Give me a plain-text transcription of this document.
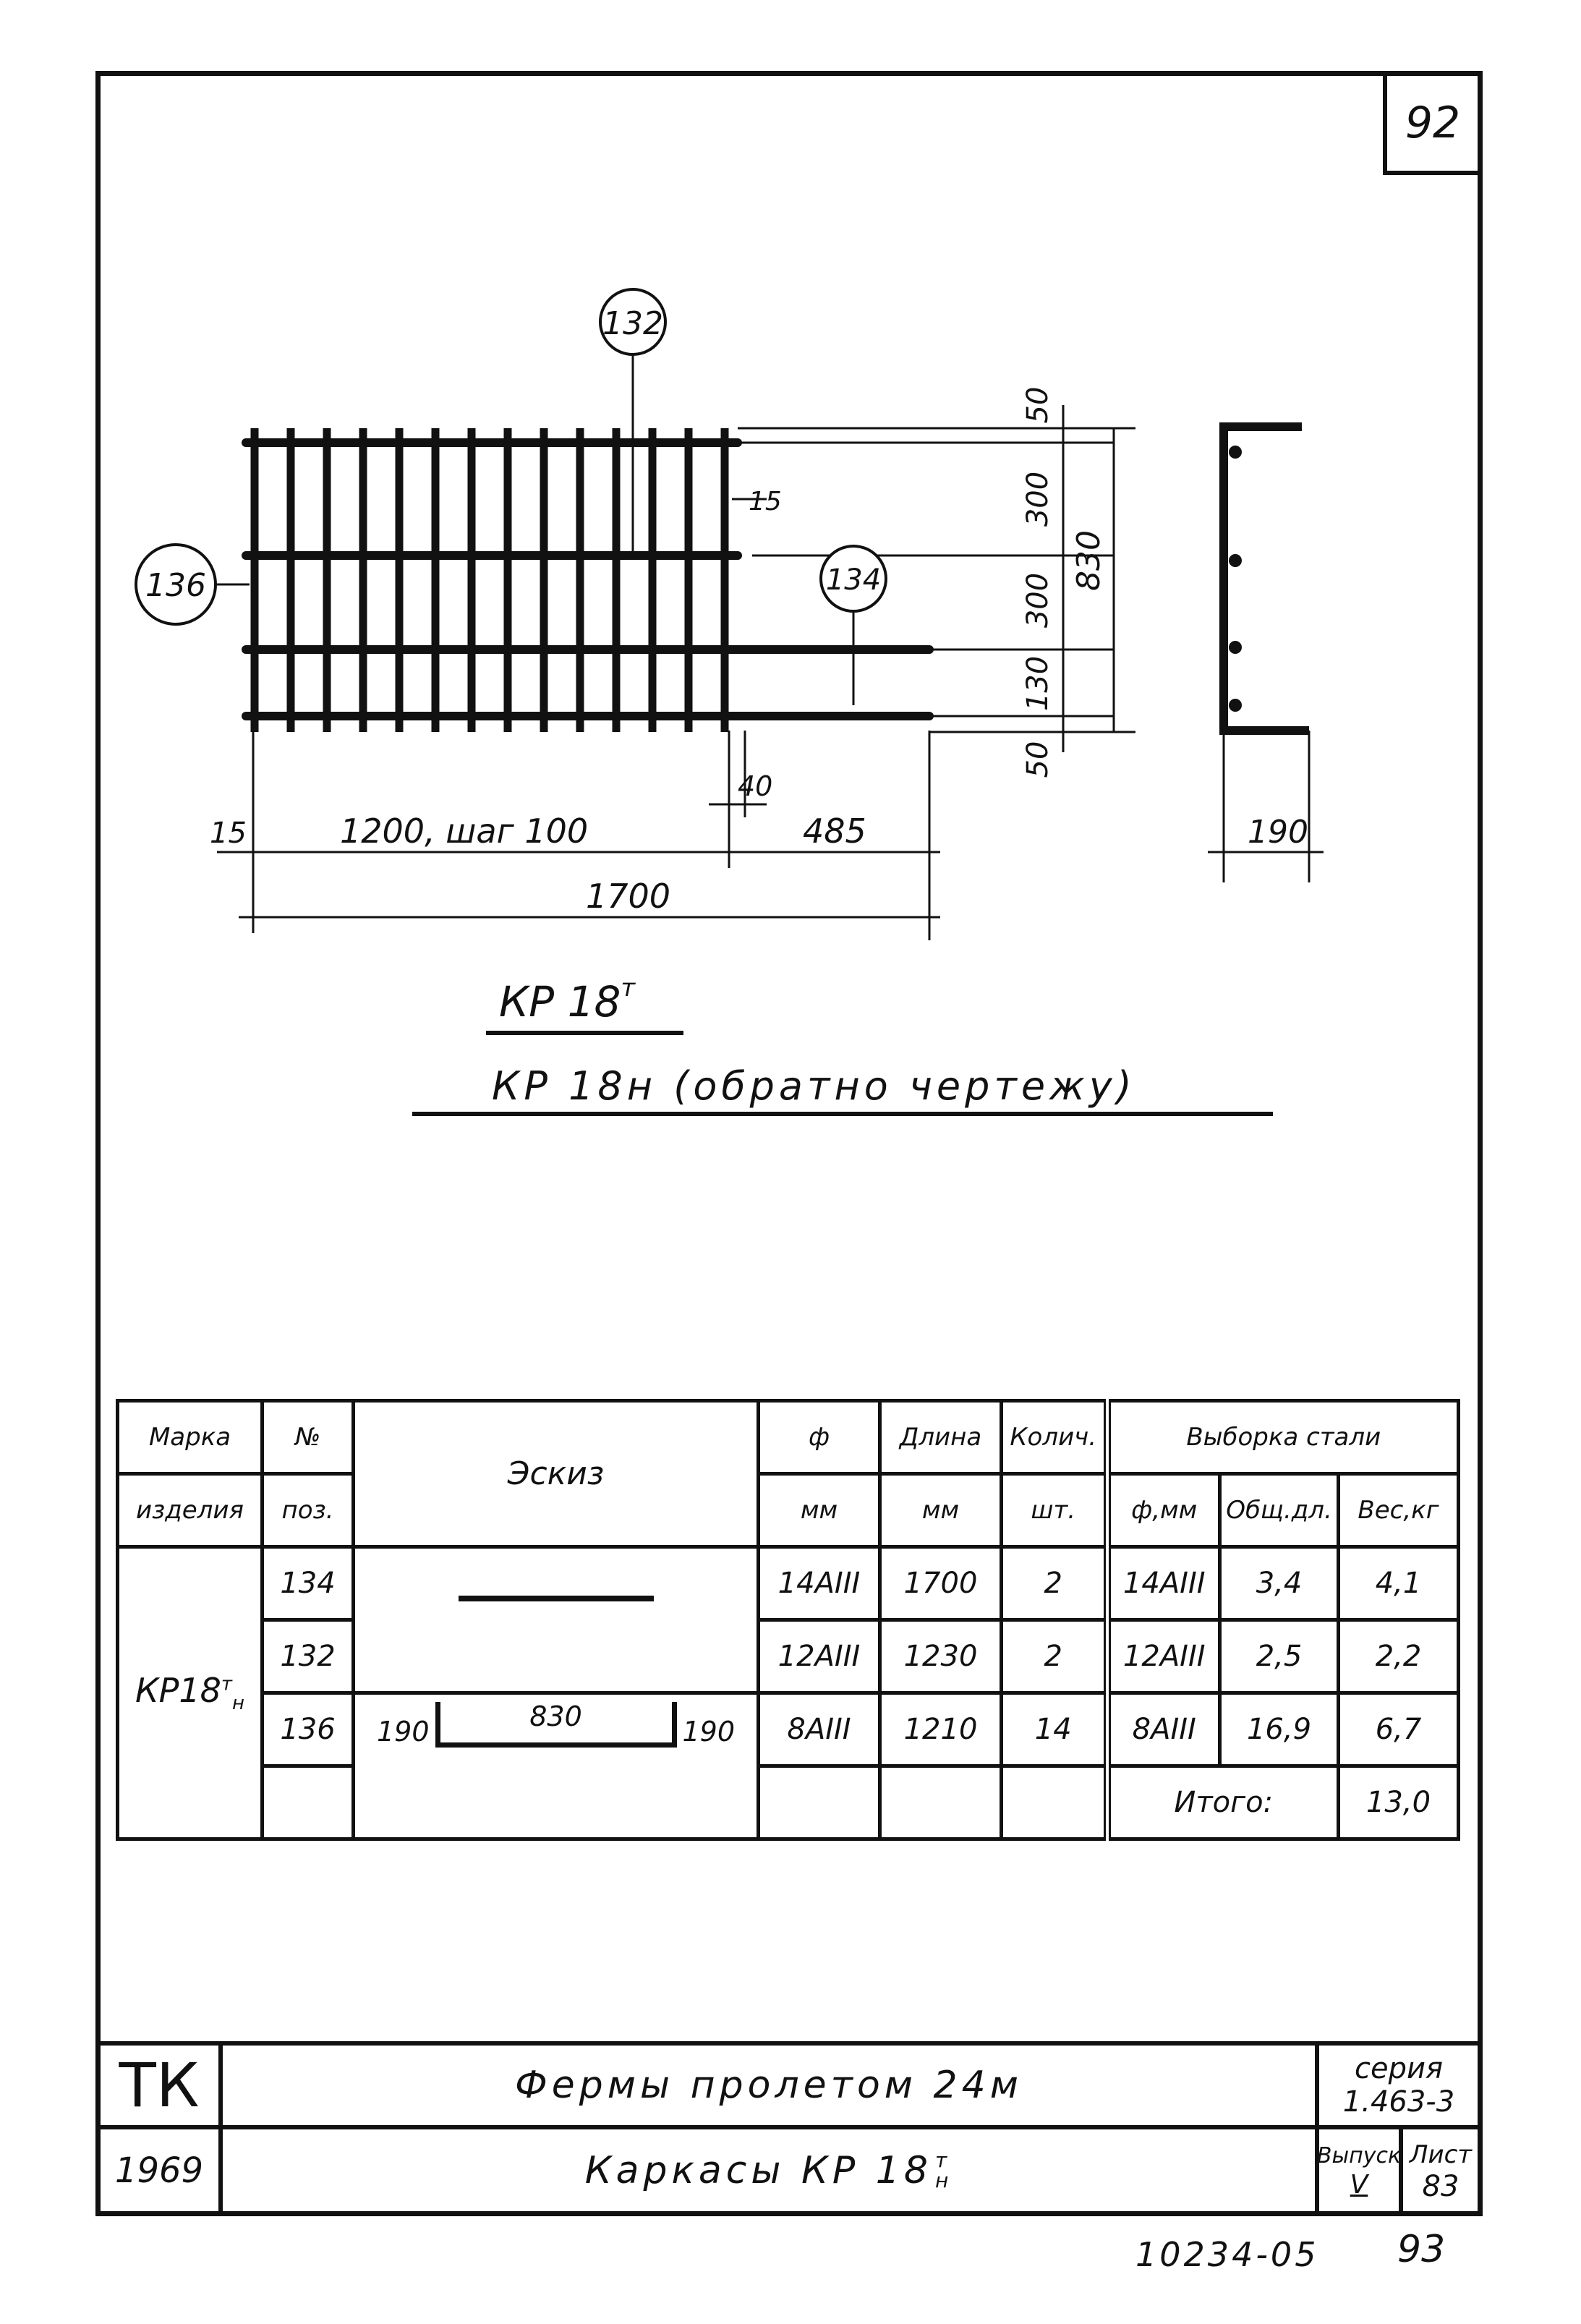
92
132
136	134
50
300
300
130
50
830
15
40
15	1200, шаг 100	485
1700
190
КР $18^т$
КР 18н (обратно чертежу)
Марка	№	Эскиз	ф	Длина	Колич.	Выборка стали		
изделия	поз.		мм	мм	шт.	ф,мм	Общ.дл.	Вес,кг
$КР18^т_н$	134		14АIII	1700	2	14АIII	3,4	4,1
	132		12АIII	1230	2	12АIII	2,5	2,2
	136	190 830 190	8АIII	1210	14	8АIII	16,9	6,7
						Итого:		13,0
ТК
1969
Фермы пролетом 24м
Каркасы КР 18 т
н
серия
1.463-3
Выпуск
V
Лист
83
10234-05 93
